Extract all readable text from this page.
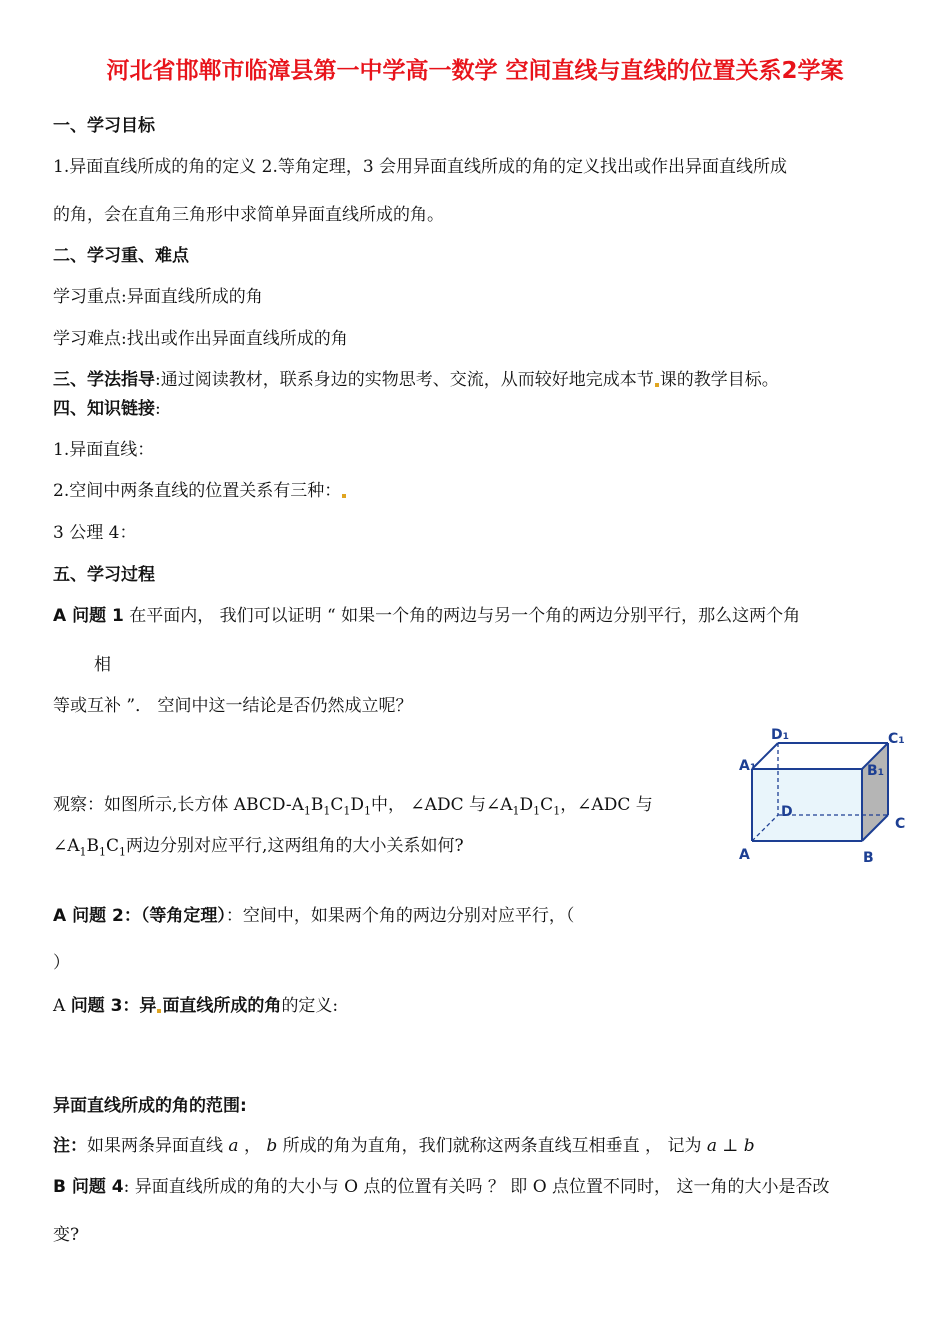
河北省邯郸市临漳县第一中学高一数学 空间直线与直线的位置关系2学案
一、学习目标
1.异面直线所成的角的定义 2.等角定理，3 会用异面直线所成的角的定义找出或作出异面直线所成
的角，会在直角三角形中求简单异面直线所成的角。
二、学习重、难点
学习重点:异面直线所成的角
学习难点:找出或作出异面直线所成的角
三、学法指导:通过阅读教材，联系身边的实物思考、交流，从而较好地完成本节 课的教学目标。
四、知识链接:
1.异面直线：
2.空间中两条直线的位置关系有三种：
3 公理 4：
五、学习过程
A 问题 1 在平面内， 我们可以证明 “ 如果一个角的两边与另一个角的两边分别平行，那么这两个角
相
等或互补 ”． 空间中这一结论是否仍然成立呢？
观察：如图所示,长方体 ABCD-$A_1B_1C_1D_1$中， ∠ADC 与$\angle A_1D_1C_1$，∠ADC 与
$\angle A_1B_1C_1$两边分别对应平行,这两组角的大小关系如何?
D1	C1
A1	B1
D
C
A	B
A 问题 2：（等角定理）：空间中，如果两个角的两边分别对应平行，（
）
A 问题 3：异 面直线所成的角的定义:
异面直线所成的角的范围:
注：如果两条异面直线 a ， b 所成的角为直角，我们就称这两条直线互相垂直 ， 记为 a ⊥ b
B 问题 4: 异面直线所成的角的大小与 O 点的位置有关吗 ？ 即 O 点位置不同时， 这一角的大小是否改
变?
